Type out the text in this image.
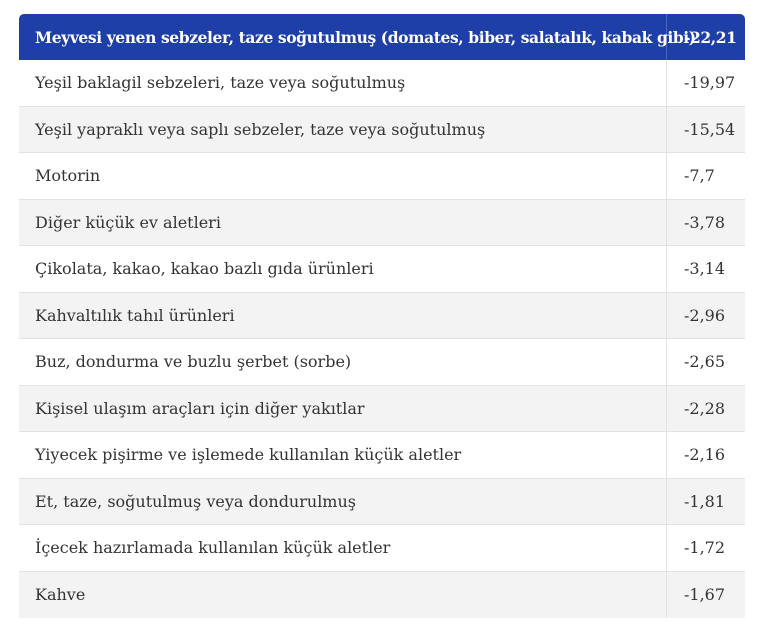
Meyvesi yenen sebzeler, taze soğutulmuş (domates, biber, salatalık, kabak gibi)	-22,21
Yeşil baklagil sebzeleri, taze veya soğutulmuş	-19,97
Yeşil yapraklı veya saplı sebzeler, taze veya soğutulmuş	-15,54
Motorin	-7,7
Diğer küçük ev aletleri	-3,78
Çikolata, kakao, kakao bazlı gıda ürünleri	-3,14
Kahvaltılık tahıl ürünleri	-2,96
Buz, dondurma ve buzlu şerbet (sorbe)	-2,65
Kişisel ulaşım araçları için diğer yakıtlar	-2,28
Yiyecek pişirme ve işlemede kullanılan küçük aletler	-2,16
Et, taze, soğutulmuş veya dondurulmuş	-1,81
İçecek hazırlamada kullanılan küçük aletler	-1,72
Kahve	-1,67
